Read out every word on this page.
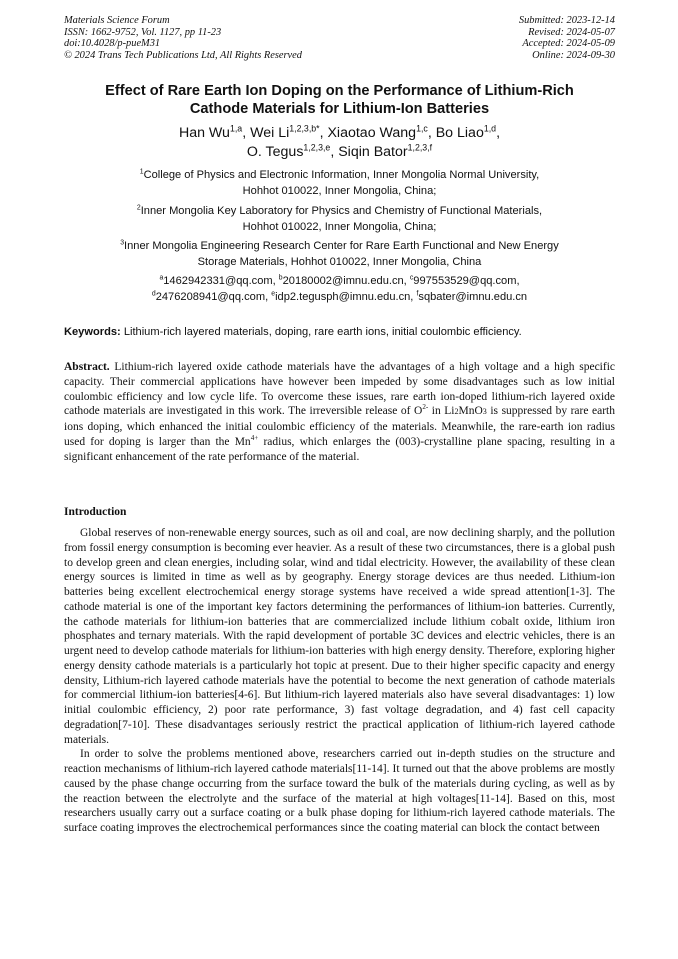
Materials Science Forum
ISSN: 1662-9752, Vol. 1127, pp 11-23
doi:10.4028/p-pueM31
© 2024 Trans Tech Publications Ltd, All Rights Reserved
Submitted: 2023-12-14
Revised: 2024-05-07
Accepted: 2024-05-09
Online: 2024-09-30
Effect of Rare Earth Ion Doping on the Performance of Lithium-Rich
Cathode Materials for Lithium-Ion Batteries
Han Wu$^{1,a}$, Wei $Li^{1,2,3,b*}$, Xiaotao Wang$^{1,c}$, Bo Liao$^{1,d}$,
O. Tegus$^{1,2,3,e}$, Siqin Bator$^{1,2,3,f}$
$^1$College of Physics and Electronic Information, Inner Mongolia Normal University,
Hohhot 010022, Inner Mongolia, China;
$^2$Inner Mongolia Key Laboratory for Physics and Chemistry of Functional Materials,
Hohhot 010022, Inner Mongolia, China;
$^3$Inner Mongolia Engineering Research Center for Rare Earth Functional and New Energy
Storage Materials, Hohhot 010022, Inner Mongolia, China
$^a$1462942331@qq.com, $^b$20180002@imnu.edu.cn, $^c$997553529@qq.com,
$^d$2476208941@qq.com, $^e$idp2.tegusph@imnu.edu.cn, $^f$sqbater@imnu.edu.cn
Keywords: Lithium-rich layered materials, doping, rare earth ions, initial coulombic efficiency.
Abstract. Lithium-rich layered oxide cathode materials have the advantages of a high voltage and a high specific capacity. Their commercial applications have however been impeded by some disadvantages such as low initial coulombic efficiency and low cycle life. To overcome these issues, rare earth ion-doped lithium-rich layered oxide cathode materials are investigated in this work. The irreversible release of $O^{2-}$ in Li2MnO3 is suppressed by rare earth ions doping, which enhanced the initial coulombic efficiency of the materials. Meanwhile, the rare-earth ion radius used for doping is larger than the $Mn^{4+}$ radius, which enlarges the (003)-crystalline plane spacing, resulting in a significant enhancement of the rate performance of the material.
Introduction

Global reserves of non-renewable energy sources, such as oil and coal, are now declining sharply, and the pollution from fossil energy consumption is becoming ever heavier. As a result of these two circumstances, there is a global push to develop green and clean energies, including solar, wind and tidal electricity. However, the availability of these clean energy sources is limited in time as well as by geography. Energy storage devices are thus needed. Lithium-ion batteries being excellent electrochemical energy storage systems have received a wide spread attention[1-3]. The cathode material is one of the important key factors determining the performances of lithium-ion batteries. Currently, the cathode materials for lithium-ion batteries that are commercialized include lithium cobalt oxide, lithium iron phosphates and ternary materials. With the rapid development of portable 3C devices and electric vehicles, there is an urgent need to develop cathode materials for lithium-ion batteries with high energy density. Therefore, exploring higher energy density cathode materials is a particularly hot topic at present. Due to their higher specific capacity and energy density, Lithium-rich layered cathode materials have the potential to become the next generation of cathode materials for commercial lithium-ion batteries[4-6]. But lithium-rich layered materials also have several disadvantages: 1) low initial coulombic efficiency, 2) poor rate performance, 3) fast voltage degradation, and 4) fast cell capacity degradation[7-10]. These disadvantages seriously restrict the practical application of lithium-rich layered cathode materials.

In order to solve the problems mentioned above, researchers carried out in-depth studies on the structure and reaction mechanisms of lithium-rich layered cathode materials[11-14]. It turned out that the above problems are mostly caused by the phase change occurring from the surface toward the bulk of the materials during cycling, as well as by the reaction between the electrolyte and the surface of the material at high voltages[11-14]. Based on this, most researchers usually carry out a surface coating or a bulk phase doping for lithium-rich layered cathode materials. The surface coating improves the electrochemical performances since the coating material can block the contact between
